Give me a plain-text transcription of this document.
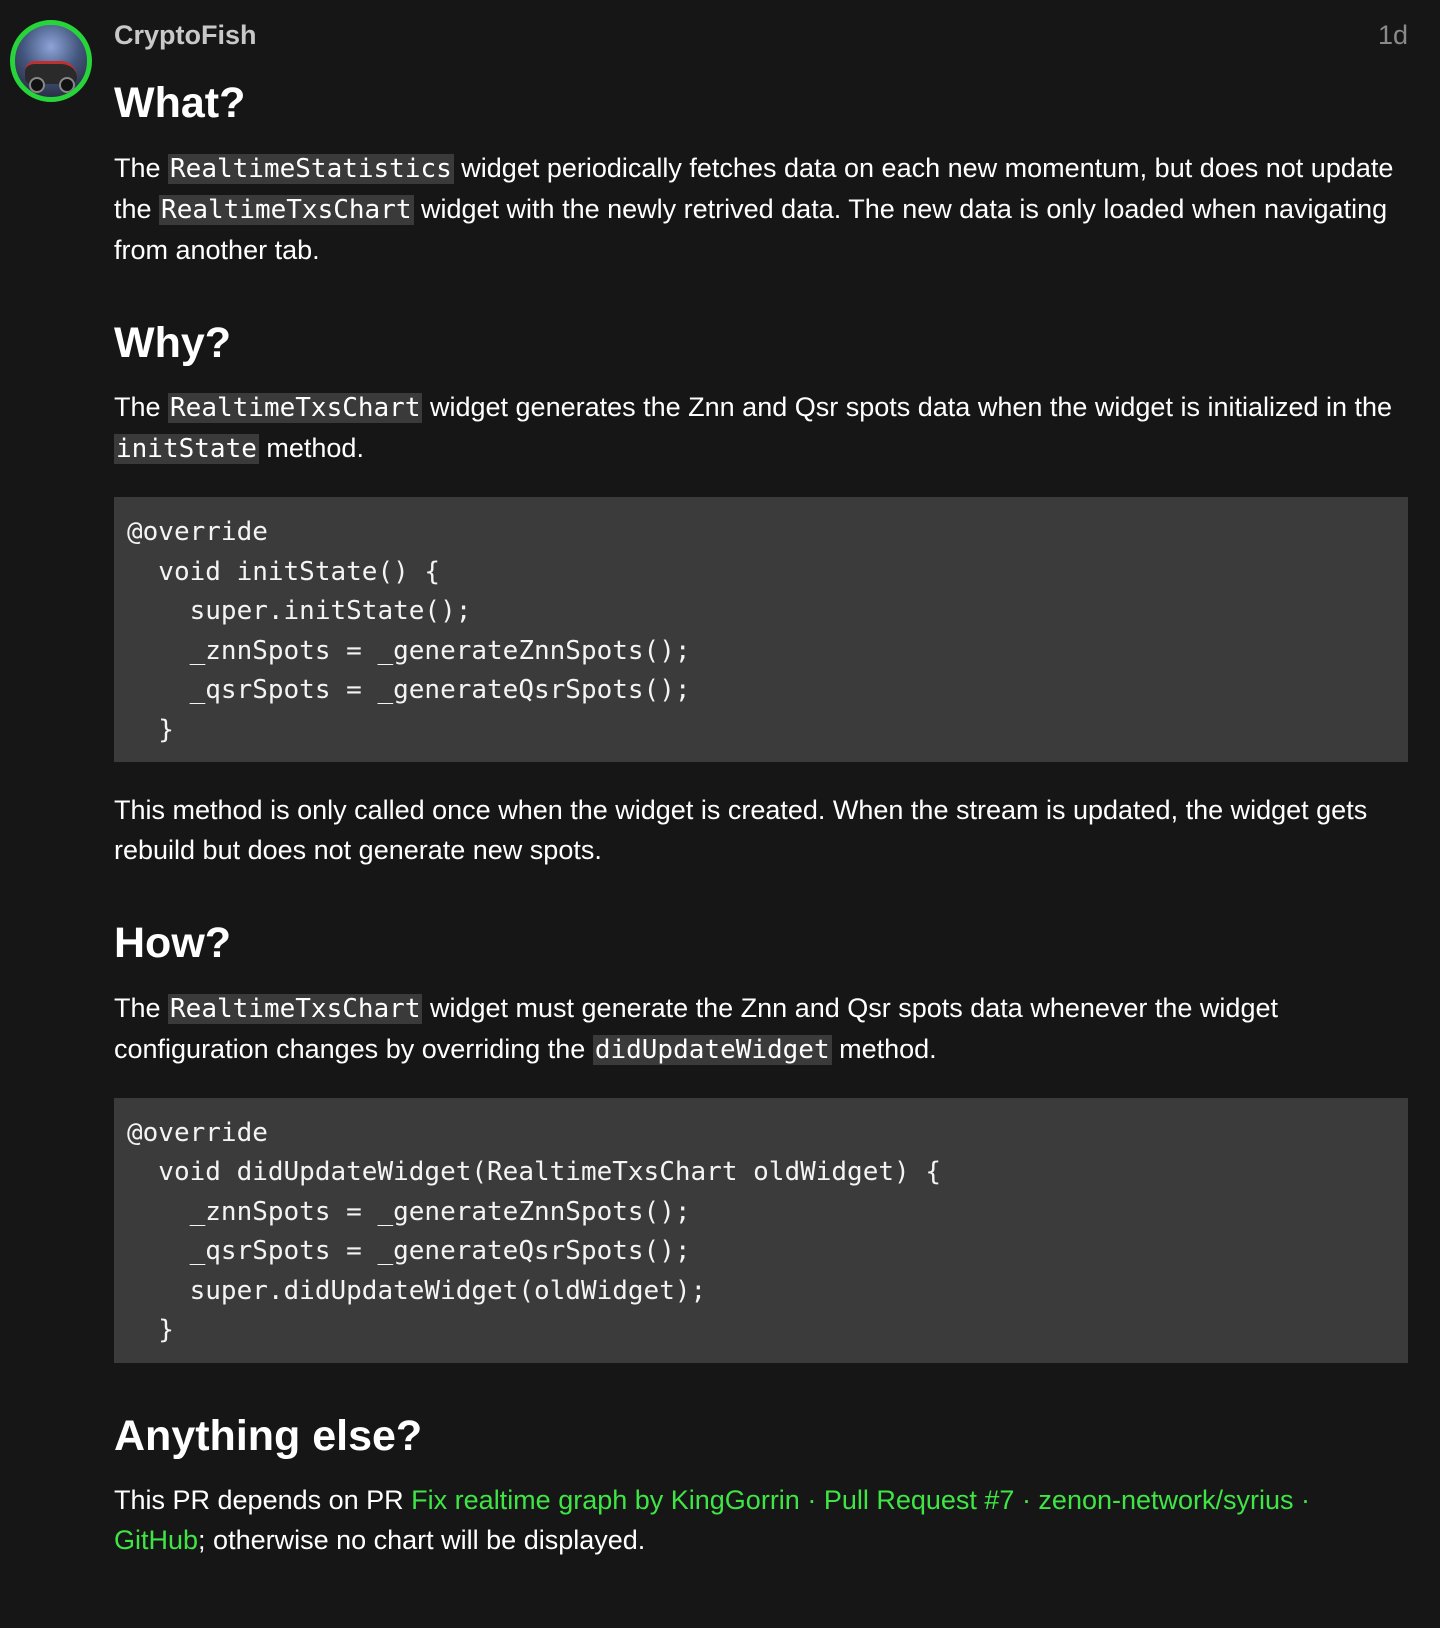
CryptoFish	1d
What?

The RealtimeStatistics widget periodically fetches data on each new momentum, but does not update the RealtimeTxsChart widget with the newly retrived data. The new data is only loaded when navigating from another tab.

Why?

The RealtimeTxsChart widget generates the Znn and Qsr spots data when the widget is initialized in the initState method.

@override
void initState() {
super.initState();
_znnSpots = _generateZnnSpots();
_qsrSpots = _generateQsrSpots();
}

This method is only called once when the widget is created. When the stream is updated, the widget gets rebuild but does not generate new spots.

How?

The RealtimeTxsChart widget must generate the Znn and Qsr spots data whenever the widget configuration changes by overriding the didUpdateWidget method.

@override
void didUpdateWidget(RealtimeTxsChart oldWidget) {
_znnSpots = _generateZnnSpots();
_qsrSpots = _generateQsrSpots();
super.didUpdateWidget(oldWidget);
}
Anything else?

This PR depends on PR Fix realtime graph by KingGorrin · Pull Request #7 · zenon-network/syrius · GitHub; otherwise no chart will be displayed.
